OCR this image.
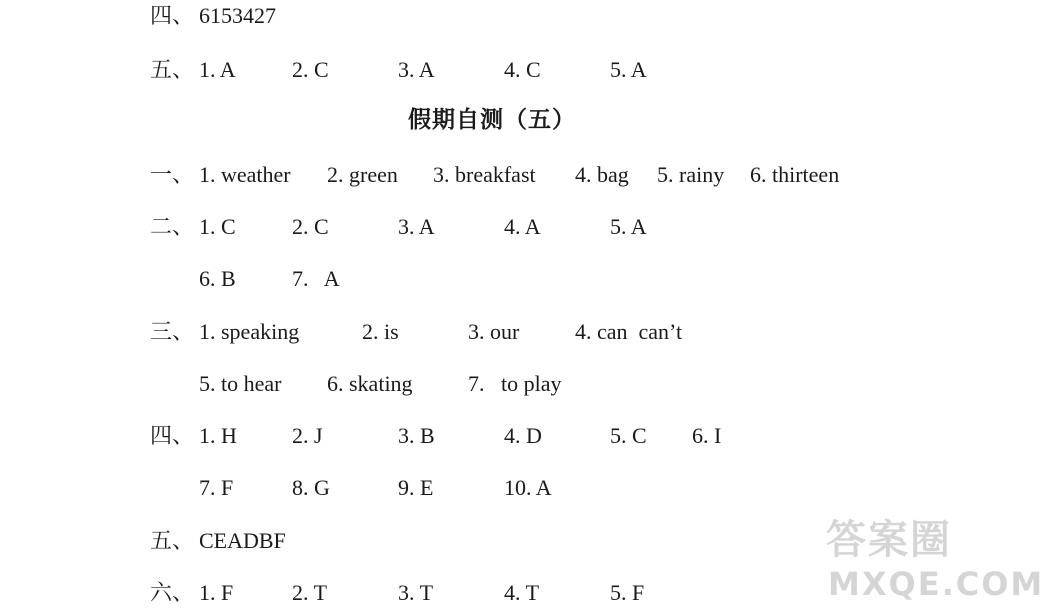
四、 6153427
五、 1. A	2. C	3. A	4. C	5. A
假期自测（五）
一、 1. weather 2. green 3. breakfast 4. bag 5. rainy 6. thirteen
二、 1. C	2. C	3. A	4. A	5. A
6. B	7.   A
三、 1. speaking	2. is	3. our	4. can  can’t
5. to hear 6. skating	7.   to play
四、 1. H	2. J	3. B	4. D	5. C 6. I
7. F	8. G	9. E	10. A
五、 CEADBF
六、 1. F	2. T	3. T	4. T	5. F
答案圈
MXQE.COM
